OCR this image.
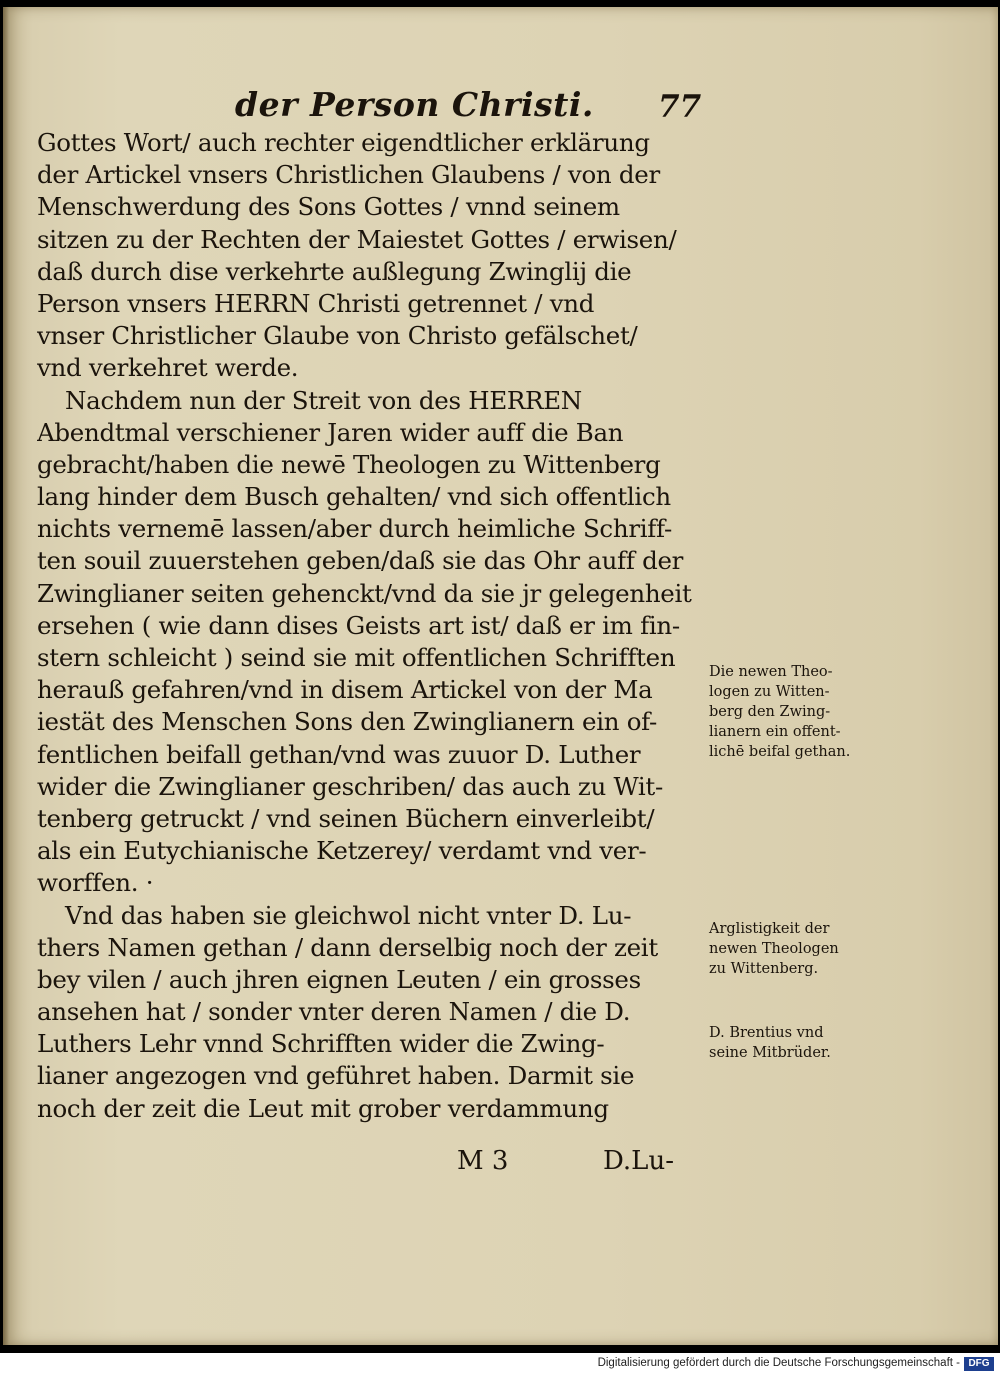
der Person Christi. 77
Gottes Wort/ auch rechter eigendtlicher erklärung
der Artickel vnsers Christlichen Glaubens / von der
Menschwerdung des Sons Gottes / vnnd seinem
sitzen zu der Rechten der Maiestet Gottes / erwisen/
daß durch dise verkehrte außlegung Zwinglij die
Person vnsers HERRN Christi getrennet / vnd
vnser Christlicher Glaube von Christo gefälschet/
vnd verkehret werde.
Nachdem nun der Streit von des HERREN
Abendtmal verschiener Jaren wider auff die Ban
gebracht/haben die newē Theologen zu Wittenberg
lang hinder dem Busch gehalten/ vnd sich offentlich
nichts vernemē lassen/aber durch heimliche Schriff-
ten souil zuuerstehen geben/daß sie das Ohr auff der
Zwinglianer seiten gehenckt/vnd da sie jr gelegenheit
ersehen ( wie dann dises Geists art ist/ daß er im fin-
stern schleicht ) seind sie mit offentlichen Schrifften
herauß gefahren/vnd in disem Artickel von der Ma
iestät des Menschen Sons den Zwinglianern ein of-
fentlichen beifall gethan/vnd was zuuor D. Luther
wider die Zwinglianer geschriben/ das auch zu Wit-
tenberg getruckt / vnd seinen Büchern einverleibt/
als ein Eutychianische Ketzerey/ verdamt vnd ver-
worffen. ·
Vnd das haben sie gleichwol nicht vnter D. Lu-
thers Namen gethan / dann derselbig noch der zeit
bey vilen / auch jhren eignen Leuten / ein grosses
ansehen hat / sonder vnter deren Namen / die D.
Luthers Lehr vnnd Schrifften wider die Zwing-
lianer angezogen vnd geführet haben. Darmit sie
noch der zeit die Leut mit grober verdammung
Die newen Theo-
logen zu Witten-
berg den Zwing-
lianern ein offent-
lichē beifal gethan.
Arglistigkeit der
newen Theologen
zu Wittenberg.
D. Brentius vnd
seine Mitbrüder.
M 3	D.Lu-
Digitalisierung gefördert durch die Deutsche Forschungsgemeinschaft - DFG
